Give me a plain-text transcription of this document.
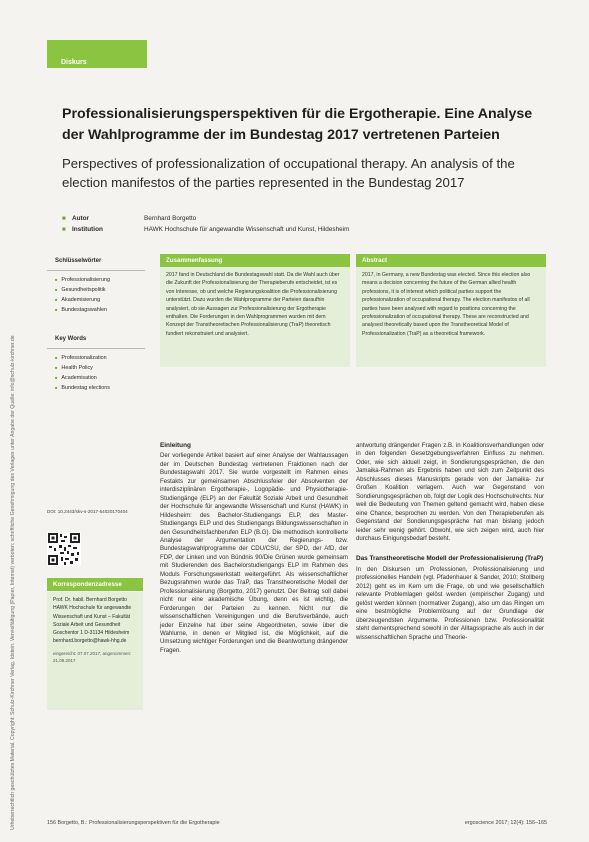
Urheberrechtlich geschütztes Material. Copyright: Schulz-Kirchner Verlag, Idstein. Vervielfältigung (Papier, Internet) verboten; schriftliche Genehmigung des Verlages unter Angabe der Quelle: info@schulz-kirchner.de
Diskurs
Professionalisierungsperspektiven für die Ergotherapie. Eine Analyse der Wahlprogramme der im Bundestag 2017 vertretenen Parteien
Perspectives of professionalization of occupational therapy. An analysis of the election manifestos of the parties represented in the Bundestag 2017
■ Autor	Bernhard Borgetto
■ Institution	HAWK Hochschule für angewandte Wissenschaft und Kunst, Hildesheim
Schlüsselwörter
■ Professionalisierung
■ Gesundheitspolitik
■ Akademisierung
■ Bundestagswahlen
Key Words
■ Professionalization
■ Health Policy
■ Academisation
■ Bundestag elections
Zusammenfassung
2017 fand in Deutschland die Bundestagswahl statt. Da die Wahl auch über die Zukunft der Professionalisierung der Therapieberufe entscheidet, ist es von Interesse, ob und welche Regierungskoalition die Professionalisierung unterstützt. Dazu wurden die Wahlprogramme der Parteien daraufhin analysiert, ob sie Aussagen zur Professionalisierung der Ergotherapie enthalten. Die Forderungen in den Wahlprogrammen wurden mit dem Konzept der Transtheoretischen Professionalisierung (TraP) theoretisch fundiert rekonstruiert und analysiert.
Abstract
2017, in Germany, a new Bundestag was elected. Since this election also means a decision concerning the future of the German allied health professions, it is of interest which political parties support the professionalization of occupational therapy. The election manifestos of all parties have been analysed with regard to positions concerning the professionalization of occupational therapy. These are reconstructed and analysed theoretically based upon the Transtheoretical Model of Professionalization (TraP) as a theoretical framework.
DOI: 10.2443/skv-s-2017-54020170404
Korrespondenzadresse
Prof. Dr. habil. Bernhard Borgetto HAWK Hochschule für angewandte Wissenschaft und Kunst – Fakultät Soziale Arbeit und Gesundheit Goschentor 1 D-31134 Hildesheim bernhard.borgetto@hawk-hhg.de
eingereicht: 07.07.2017; angenommen: 21.09.2017
Einleitung

Der vorliegende Artikel basiert auf einer Analyse der Wahlaussagen der im Deutschen Bundestag vertretenen Fraktionen nach der Bundestagswahl 2017. Sie wurde vorgestellt im Rahmen eines Festakts zur gemeinsamen Abschlussfeier der Absolventen der interdisziplinären Ergotherapie-, Logopädie- und Physiotherapie-Studiengänge (ELP) an der Fakultät Soziale Arbeit und Gesundheit der Hochschule für angewandte Wissenschaft und Kunst (HAWK) in Hildesheim: des Bachelor-Studiengangs ELP, des Master-Studiengangs ELP und des Studiengangs Bildungswissenschaften in den Gesundheitsfachberufen ELP (B.G). Die methodisch kontrollierte Analyse der Argumentation der Regierungs- bzw. Bundestagswahlprogramme der CDU/CSU, der SPD, der AfD, der FDP, der Linken und von Bündnis 90/Die Grünen wurde gemeinsam mit Studierenden des Bachelorstudiengangs ELP im Rahmen des Moduls Forschungswerkstatt weitergeführt. Als wissenschaftlicher Bezugsrahmen wurde das TraP, das Transtheoretische Modell der Professionalisierung (Borgetto, 2017) genutzt. Der Beitrag soll dabei nicht nur eine akademische Übung, denn es ist wichtig, die Forderungen der Parteien zu kennen. Nicht nur die wissenschaftlichen Vereinigungen und die Berufsverbände, auch jeder Einzelne hat über seine Abgeordneten, sowie über die Wahlurne, in denen er Mitglied ist, die Möglichkeit, auf die Umsetzung wichtiger Forderungen und die Beantwortung drängender Fragen.

antwortung drängender Fragen z.B. in Koalitionsverhandlungen oder in den folgenden Gesetzgebungsverfahren Einfluss zu nehmen. Oder, wie sich aktuell zeigt, in Sondierungsgesprächen, die den Jamaika-Rahmen als Ergebnis haben und sich zum Zeitpunkt des Abschlusses dieses Manuskripts gerade von der Jamaika- zur Großen Koalition verlagern. Auch war Gegenstand von Sondierungsgesprächen ob, folgt der Logik des Hochschulrechts. Nur weil die Bedeutung von Themen geltend gemacht wird, haben diese eine Chance, besprochen zu werden. Von den Therapieberufen als Gegenstand der Sondierungsgespräche hat man bislang jedoch leider sehr wenig gehört. Obwohl, wie sich zeigen wird, auch hier durchaus Einigungsbedarf besteht.

Das Transtheoretische Modell der Professionalisierung (TraP)

In den Diskursen um Professionen, Professionalisierung und professionelles Handeln (vgl. Pfadenhauer & Sander, 2010; Stollberg 2012) geht es im Kern um die Frage, ob und wie gesellschaftlich relevante Problemlagen gelöst werden (empirischer Zugang) und gelöst werden können (normativer Zugang), also um das Ringen um eine bestmögliche Problemlösung auf der Grundlage der überzeugendsten Argumente. Professionen bzw. Professionalität steht dementsprechend sowohl in der Alltagssprache als auch in der wissenschaftlichen Sprache und Theorie-

156 Borgetto, B.: Professionalisierungsperspektiven für die Ergotherapie	ergoscience 2017; 12(4): 156–165
